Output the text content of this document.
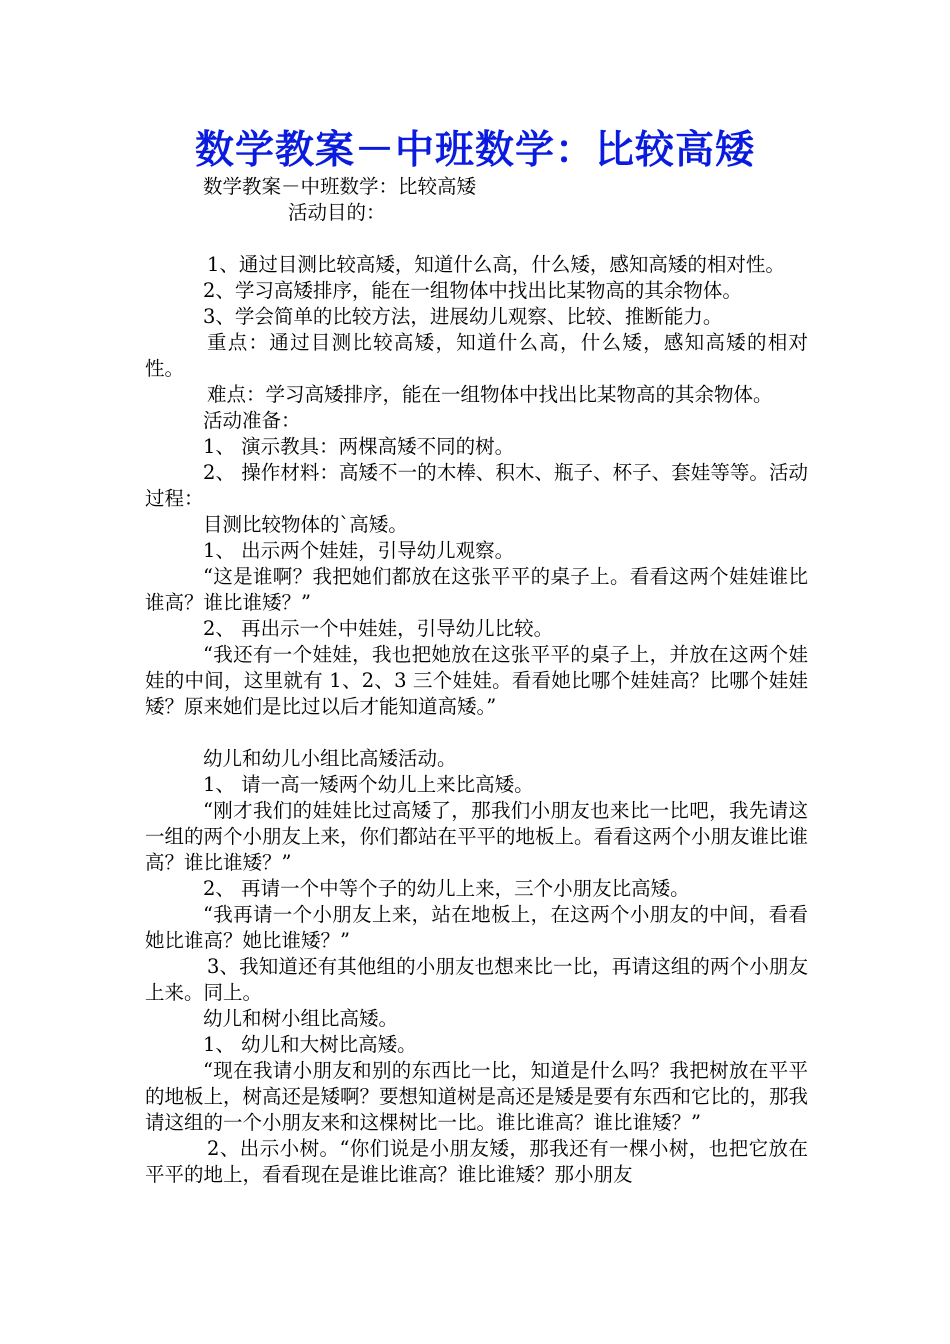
数学教案－中班数学：比较高矮

数学教案－中班数学：比较高矮

活动目的：

1、通过目测比较高矮，知道什么高，什么矮，感知高矮的相对性。

2、学习高矮排序，能在一组物体中找出比某物高的其余物体。

3、学会简单的比较方法，进展幼儿观察、比较、推断能力。

重点：通过目测比较高矮，知道什么高，什么矮，感知高矮的相对性。

难点：学习高矮排序，能在一组物体中找出比某物高的其余物体。

活动准备：

1、 演示教具：两棵高矮不同的树。

2、 操作材料：高矮不一的木棒、积木、瓶子、杯子、套娃等等。活动过程：

目测比较物体的`高矮。

1、 出示两个娃娃，引导幼儿观察。

“这是谁啊？我把她们都放在这张平平的桌子上。看看这两个娃娃谁比谁高？谁比谁矮？”

2、 再出示一个中娃娃，引导幼儿比较。

“我还有一个娃娃，我也把她放在这张平平的桌子上，并放在这两个娃娃的中间，这里就有 1、2、3 三个娃娃。看看她比哪个娃娃高？比哪个娃娃矮？原来她们是比过以后才能知道高矮。”

幼儿和幼儿小组比高矮活动。

1、 请一高一矮两个幼儿上来比高矮。

“刚才我们的娃娃比过高矮了，那我们小朋友也来比一比吧，我先请这一组的两个小朋友上来，你们都站在平平的地板上。看看这两个小朋友谁比谁高？谁比谁矮？”

2、 再请一个中等个子的幼儿上来，三个小朋友比高矮。

“我再请一个小朋友上来，站在地板上，在这两个小朋友的中间，看看她比谁高？她比谁矮？”

3、我知道还有其他组的小朋友也想来比一比，再请这组的两个小朋友上来。同上。

幼儿和树小组比高矮。

1、 幼儿和大树比高矮。

“现在我请小朋友和别的东西比一比，知道是什么吗？我把树放在平平的地板上，树高还是矮啊？要想知道树是高还是矮是要有东西和它比的，那我请这组的一个小朋友来和这棵树比一比。谁比谁高？谁比谁矮？”

2、出示小树。“你们说是小朋友矮，那我还有一棵小树，也把它放在平平的地上，看看现在是谁比谁高？谁比谁矮？那小朋友
